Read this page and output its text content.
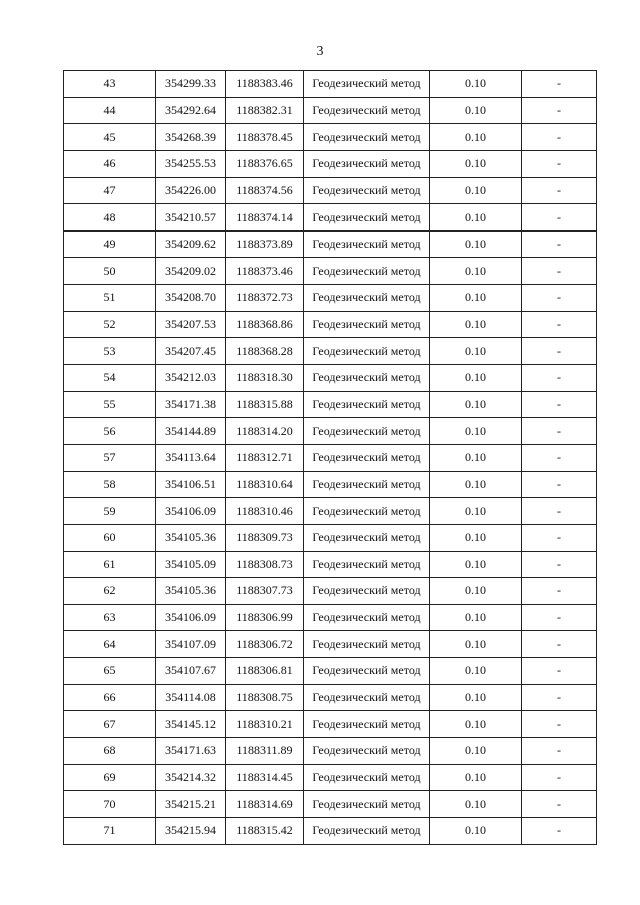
3
43	354299.33	1188383.46	Геодезический метод	0.10	-
44	354292.64	1188382.31	Геодезический метод	0.10	-
45	354268.39	1188378.45	Геодезический метод	0.10	-
46	354255.53	1188376.65	Геодезический метод	0.10	-
47	354226.00	1188374.56	Геодезический метод	0.10	-
48	354210.57	1188374.14	Геодезический метод	0.10	-
49	354209.62	1188373.89	Геодезический метод	0.10	-
50	354209.02	1188373.46	Геодезический метод	0.10	-
51	354208.70	1188372.73	Геодезический метод	0.10	-
52	354207.53	1188368.86	Геодезический метод	0.10	-
53	354207.45	1188368.28	Геодезический метод	0.10	-
54	354212.03	1188318.30	Геодезический метод	0.10	-
55	354171.38	1188315.88	Геодезический метод	0.10	-
56	354144.89	1188314.20	Геодезический метод	0.10	-
57	354113.64	1188312.71	Геодезический метод	0.10	-
58	354106.51	1188310.64	Геодезический метод	0.10	-
59	354106.09	1188310.46	Геодезический метод	0.10	-
60	354105.36	1188309.73	Геодезический метод	0.10	-
61	354105.09	1188308.73	Геодезический метод	0.10	-
62	354105.36	1188307.73	Геодезический метод	0.10	-
63	354106.09	1188306.99	Геодезический метод	0.10	-
64	354107.09	1188306.72	Геодезический метод	0.10	-
65	354107.67	1188306.81	Геодезический метод	0.10	-
66	354114.08	1188308.75	Геодезический метод	0.10	-
67	354145.12	1188310.21	Геодезический метод	0.10	-
68	354171.63	1188311.89	Геодезический метод	0.10	-
69	354214.32	1188314.45	Геодезический метод	0.10	-
70	354215.21	1188314.69	Геодезический метод	0.10	-
71	354215.94	1188315.42	Геодезический метод	0.10	-
